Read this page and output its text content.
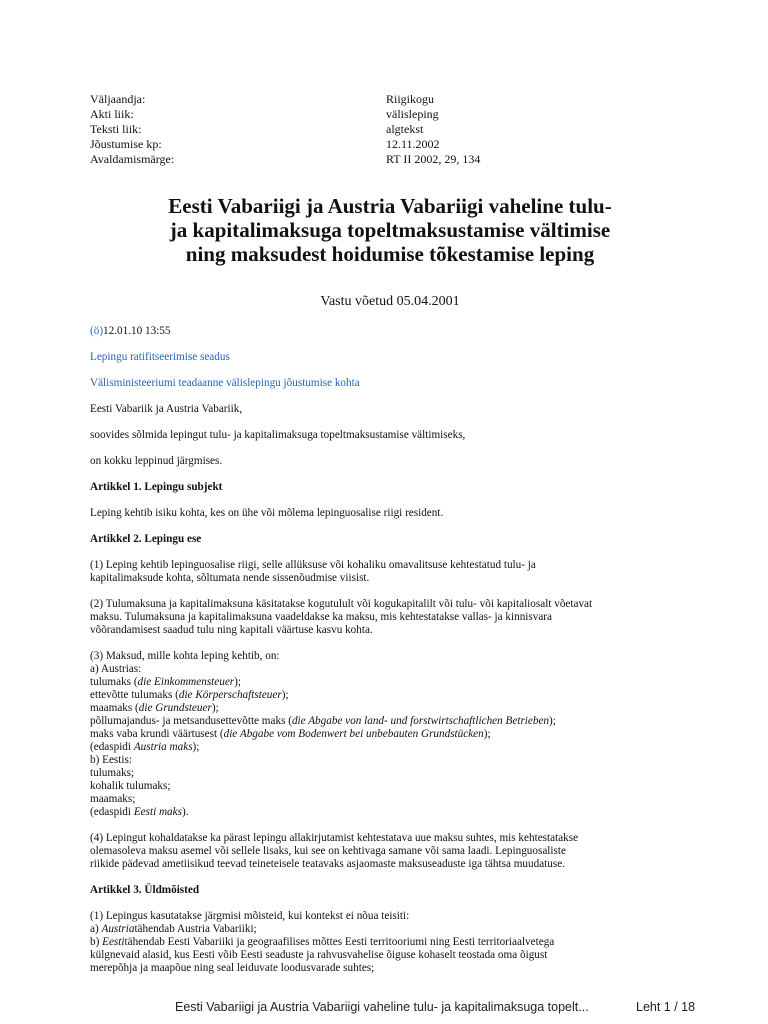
Väljaandja:	Riigikogu
Akti liik:	välisleping
Teksti liik:	algtekst
Jõustumise kp:	12.11.2002
Avaldamismärge:	RT II 2002, 29, 134
Eesti Vabariigi ja Austria Vabariigi vaheline tulu-
ja kapitalimaksuga topeltmaksustamise vältimise
ning maksudest hoidumise tõkestamise leping
Vastu võetud 05.04.2001

(ö)12.01.10 13:55

Lepingu ratifitseerimise seadus

Välisministeeriumi teadaanne välislepingu jõustumise kohta

Eesti Vabariik ja Austria Vabariik,

soovides sõlmida lepingut tulu- ja kapitalimaksuga topeltmaksustamise vältimiseks,

on kokku leppinud järgmises.

Artikkel 1. Lepingu subjekt

Leping kehtib isiku kohta, kes on ühe või mõlema lepinguosalise riigi resident.

Artikkel 2. Lepingu ese

(1) Leping kehtib lepinguosalise riigi, selle allüksuse või kohaliku omavalitsuse kehtestatud tulu- ja
kapitalimaksude kohta, sõltumata nende sissenõudmise viisist.

(2) Tulumaksuna ja kapitalimaksuna käsitatakse kogutulult või kogukapitalilt või tulu- või kapitaliosalt võetavat
maksu. Tulumaksuna ja kapitalimaksuna vaadeldakse ka maksu, mis kehtestatakse vallas- ja kinnisvara
võõrandamisest saadud tulu ning kapitali väärtuse kasvu kohta.

(3) Maksud, mille kohta leping kehtib, on:
a) Austrias:
tulumaks (die Einkommensteuer);
ettevõtte tulumaks (die Körperschaftsteuer);
maamaks (die Grundsteuer);
põllumajandus- ja metsandusettevõtte maks (die Abgabe von land- und forstwirtschaftlichen Betrieben);
maks vaba krundi väärtusest (die Abgabe vom Bodenwert bei unbebauten Grundstücken);
(edaspidi Austria maks);
b) Eestis:
tulumaks;
kohalik tulumaks;
maamaks;
(edaspidi Eesti maks).

(4) Lepingut kohaldatakse ka pärast lepingu allakirjutamist kehtestatava uue maksu suhtes, mis kehtestatakse
olemasoleva maksu asemel või sellele lisaks, kui see on kehtivaga samane või sama laadi. Lepinguosaliste
riikide pädevad ametiisikud teevad teineteisele teatavaks asjaomaste maksuseaduste iga tähtsa muudatuse.

Artikkel 3. Üldmõisted

(1) Lepingus kasutatakse järgmisi mõisteid, kui kontekst ei nõua teisiti:
a) Austriatähendab Austria Vabariiki;
b) Eestitähendab Eesti Vabariiki ja geograafilises mõttes Eesti territooriumi ning Eesti territoriaalvetega
külgnevaid alasid, kus Eesti võib Eesti seaduste ja rahvusvahelise õiguse kohaselt teostada oma õigust
merepõhja ja maapõue ning seal leiduvate loodusvarade suhtes;

Eesti Vabariigi ja Austria Vabariigi vaheline tulu- ja kapitalimaksuga topelt...	Leht 1 / 18
